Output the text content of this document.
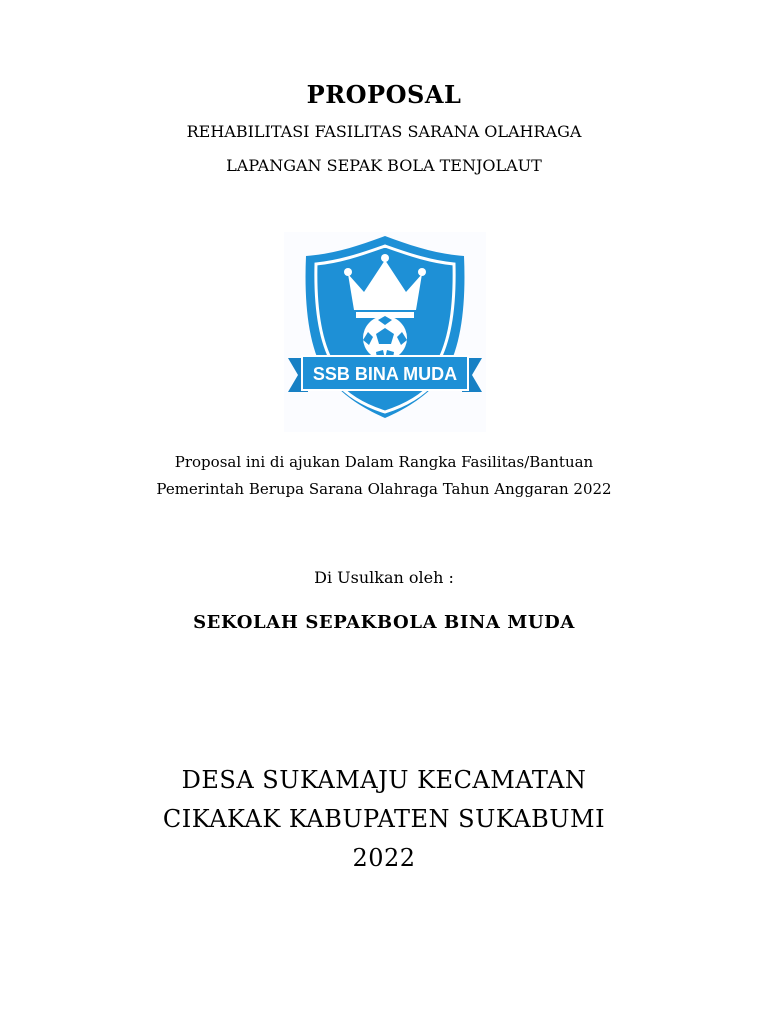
PROPOSAL
REHABILITASI FASILITAS SARANA OLAHRAGA
LAPANGAN SEPAK BOLA TENJOLAUT
SSB BINA MUDA
Proposal ini di ajukan Dalam Rangka Fasilitas/Bantuan
Pemerintah Berupa Sarana Olahraga Tahun Anggaran 2022
Di Usulkan oleh :
SEKOLAH SEPAKBOLA BINA MUDA
DESA SUKAMAJU KECAMATAN
CIKAKAK KABUPATEN SUKABUMI
2022
